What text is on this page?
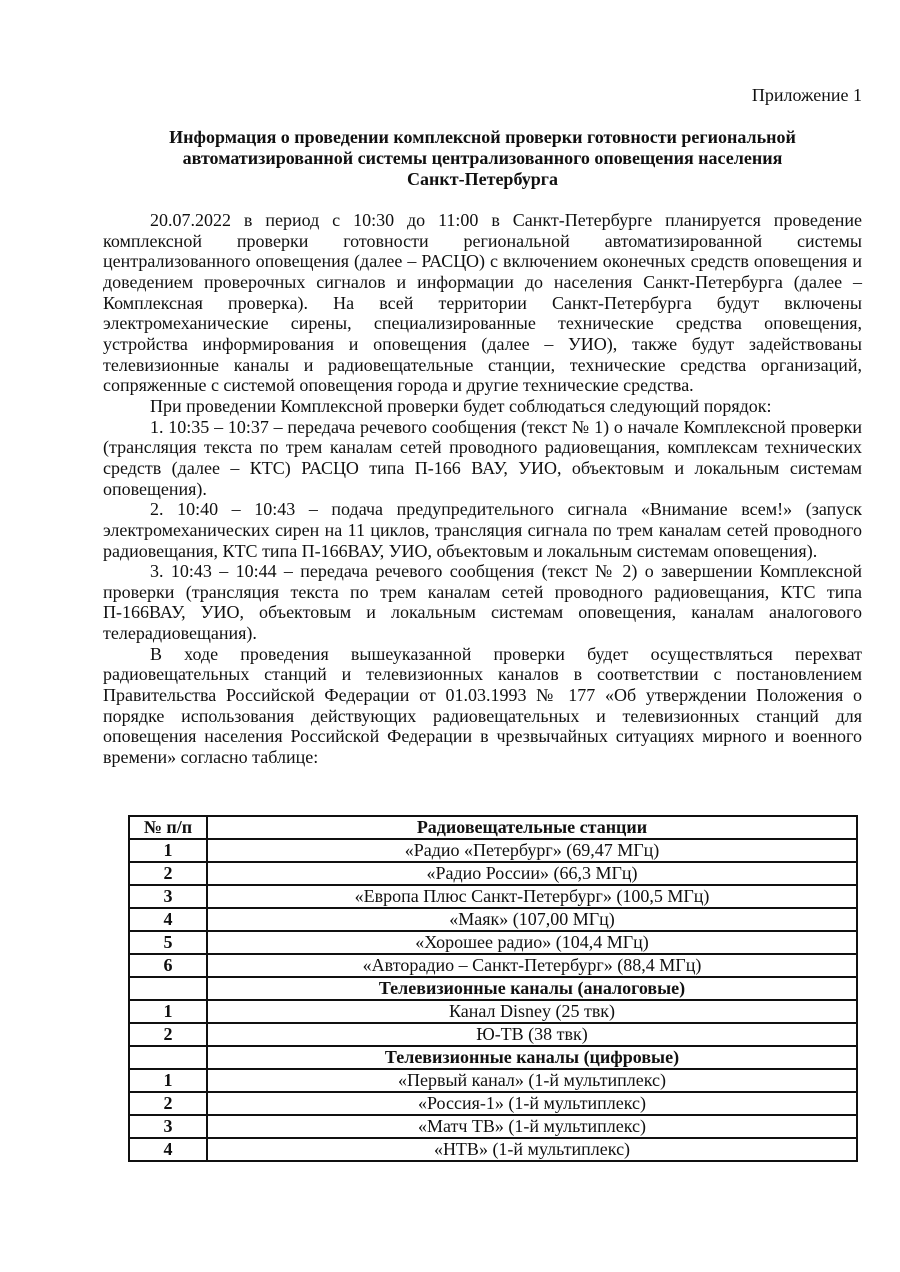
Приложение 1
Информация о проведении комплексной проверки готовности региональной
автоматизированной системы централизованного оповещения населения
Санкт-Петербурга

20.07.2022 в период с 10:30 до 11:00 в Санкт-Петербурге планируется проведение комплексной проверки готовности региональной автоматизированной системы централизованного оповещения (далее – РАСЦО) с включением оконечных средств оповещения и доведением проверочных сигналов и информации до населения Санкт-Петербурга (далее – Комплексная проверка). На всей территории Санкт-Петербурга будут включены электромеханические сирены, специализированные технические средства оповещения, устройства информирования и оповещения (далее – УИО), также будут задействованы телевизионные каналы и радиовещательные станции, технические средства организаций, сопряженные с системой оповещения города и другие технические средства.

При проведении Комплексной проверки будет соблюдаться следующий порядок:

1. 10:35 – 10:37 – передача речевого сообщения (текст № 1) о начале Комплексной проверки (трансляция текста по трем каналам сетей проводного радиовещания, комплексам технических средств (далее – КТС) РАСЦО типа П-166 ВАУ, УИО, объектовым и локальным системам оповещения).

2. 10:40 – 10:43 – подача предупредительного сигнала «Внимание всем!» (запуск электромеханических сирен на 11 циклов, трансляция сигнала по трем каналам сетей проводного радиовещания, КТС типа П-166ВАУ, УИО, объектовым и локальным системам оповещения).

3. 10:43 – 10:44 – передача речевого сообщения (текст № 2) о завершении Комплексной проверки (трансляция текста по трем каналам сетей проводного радиовещания, КТС типа П-166ВАУ, УИО, объектовым и локальным системам оповещения, каналам аналогового телерадиовещания).

В ходе проведения вышеуказанной проверки будет осуществляться перехват радиовещательных станций и телевизионных каналов в соответствии с постановлением Правительства Российской Федерации от 01.03.1993 № 177 «Об утверждении Положения о порядке использования действующих радиовещательных и телевизионных станций для оповещения населения Российской Федерации в чрезвычайных ситуациях мирного и военного времени» согласно таблице:

№ п/п	Радиовещательные станции
1	«Радио «Петербург» (69,47 МГц)
2	«Радио России» (66,3 МГц)
3	«Европа Плюс Санкт-Петербург» (100,5 МГц)
4	«Маяк» (107,00 МГц)
5	«Хорошее радио» (104,4 МГц)
6	«Авторадио – Санкт-Петербург» (88,4 МГц)
	Телевизионные каналы (аналоговые)
1	Канал Disney (25 твк)
2	Ю-ТВ (38 твк)
	Телевизионные каналы (цифровые)
1	«Первый канал» (1-й мультиплекс)
2	«Россия-1» (1-й мультиплекс)
3	«Матч ТВ» (1-й мультиплекс)
4	«НТВ» (1-й мультиплекс)
